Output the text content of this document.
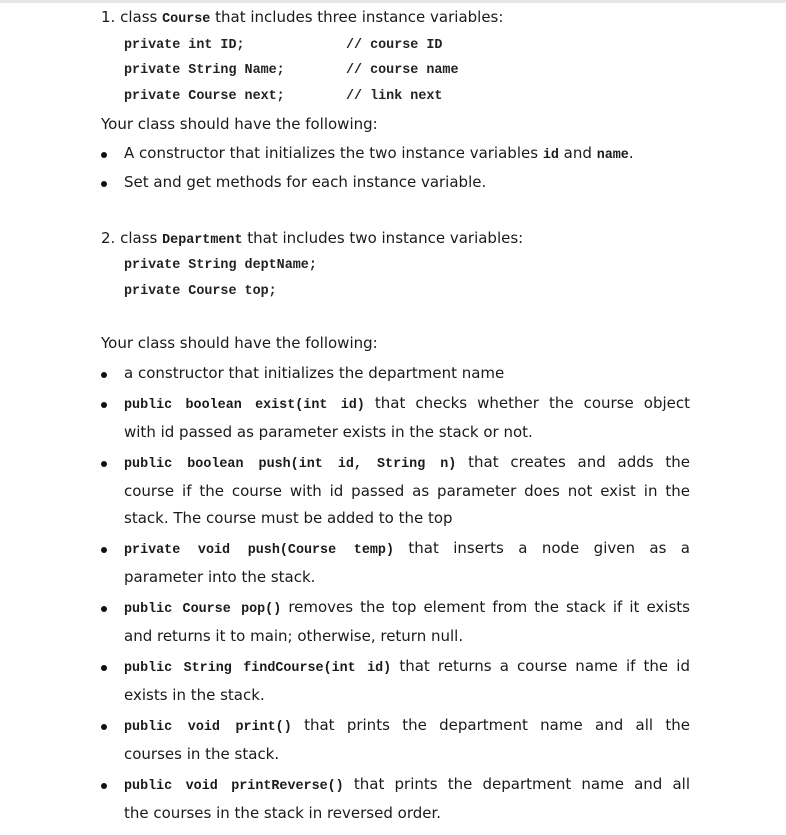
1. class Course that includes three instance variables:
private int ID;	// course ID
private String Name;	// course name
private Course next;	// link next
Your class should have the following:
A constructor that initializes the two instance variables id and name.
Set and get methods for each instance variable.
2. class Department that includes two instance variables:
private String deptName;
private Course top;
Your class should have the following:
a constructor that initializes the department name
public boolean exist(int id) that checks whether the course object
with id passed as parameter exists in the stack or not.
public boolean push(int id, String n) that creates and adds the
course if the course with id passed as parameter does not exist in the
stack. The course must be added to the top
private void push(Course temp) that inserts a node given as a
parameter into the stack.
public Course pop() removes the top element from the stack if it exists
and returns it to main; otherwise, return null.
public String findCourse(int id) that returns a course name if the id
exists in the stack.
public void print() that prints the department name and all the
courses in the stack.
public void printReverse() that prints the department name and all
the courses in the stack in reversed order.
